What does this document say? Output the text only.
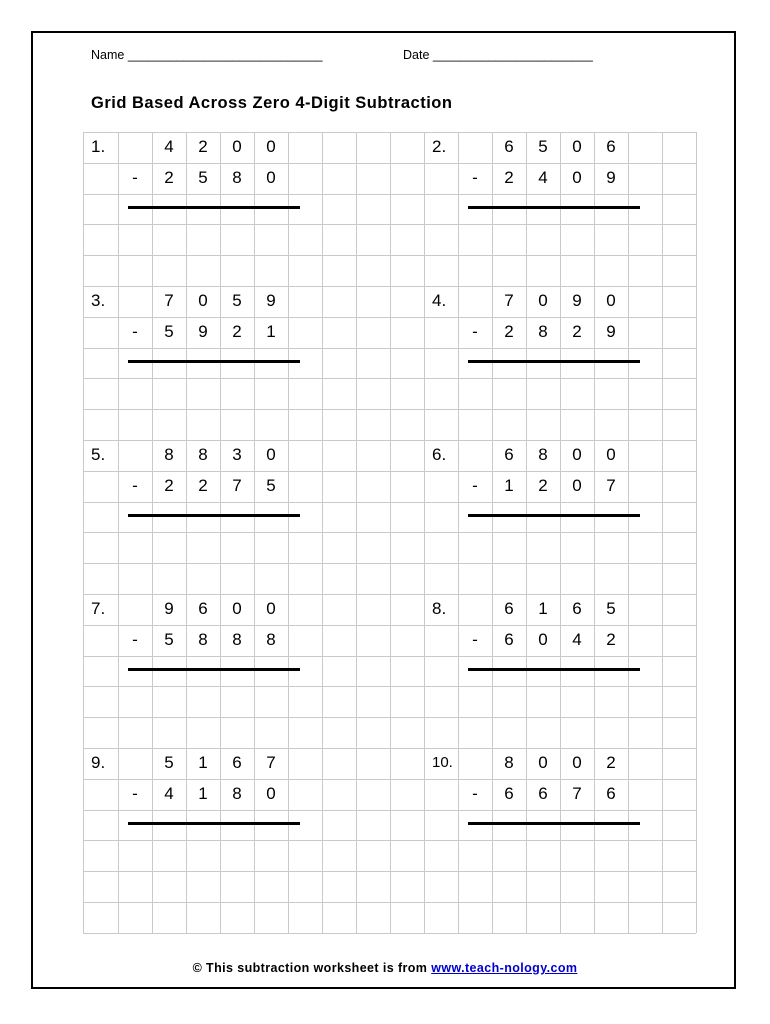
Name ____________________________	Date _______________________
Grid Based Across Zero 4-Digit Subtraction
1.	4	2	0	0
-	2	5	8	0
2.	6	5	0	6
-	2	4	0	9
3.	7	0	5	9
-	5	9	2	1
4.	7	0	9	0
-	2	8	2	9
5.	8	8	3	0
-	2	2	7	5
6.	6	8	0	0
-	1	2	0	7
7.	9	6	0	0
-	5	8	8	8
8.	6	1	6	5
-	6	0	4	2
9.	5	1	6	7
-	4	1	8	0
10.	8	0	0	2
-	6	6	7	6
© This subtraction worksheet is from www.teach-nology.com
